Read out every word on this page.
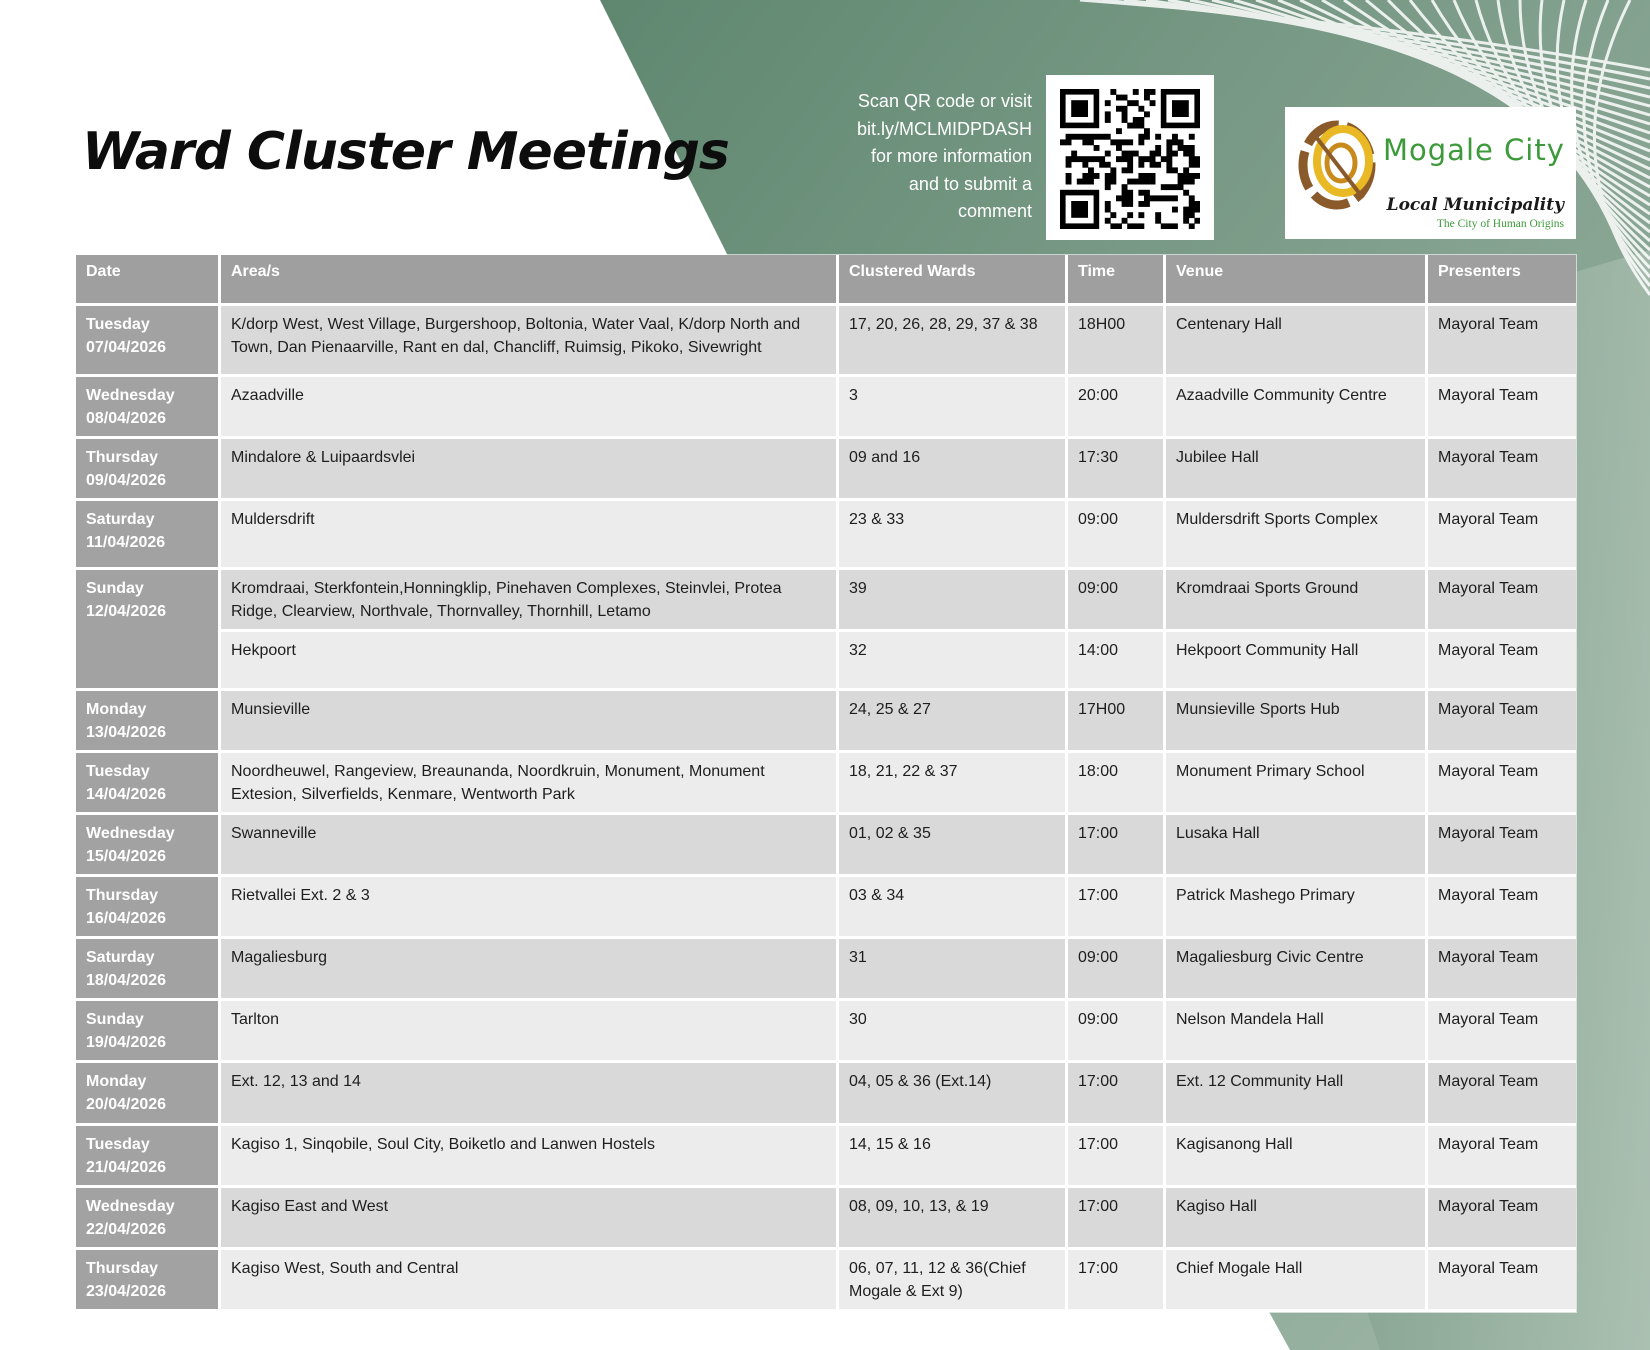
Ward Cluster Meetings
Scan QR code or visit
bit.ly/MCLMIDPDASH
for more information
and to submit a
comment
Mogale City
Local Municipality
The City of Human Origins
Date	Area/s	Clustered Wards	Time	Venue	Presenters

Tuesday
07/04/2026	K/dorp West, West Village, Burgershoop, Boltonia, Water Vaal, K/dorp North and Town, Dan Pienaarville, Rant en dal, Chancliff, Ruimsig, Pikoko, Sivewright	17, 20, 26, 28, 29, 37 & 38	18H00	Centenary Hall	Mayoral Team

Wednesday
08/04/2026	Azaadville	3	20:00	Azaadville Community Centre	Mayoral Team

Thursday
09/04/2026	Mindalore & Luipaardsvlei	09 and 16	17:30	Jubilee Hall	Mayoral Team

Saturday
11/04/2026	Muldersdrift	23 & 33	09:00	Muldersdrift Sports Complex	Mayoral Team

Sunday
12/04/2026	Kromdraai, Sterkfontein,Honningklip, Pinehaven Complexes, Steinvlei, Protea Ridge, Clearview, Northvale, Thornvalley, Thornhill, Letamo	39	09:00	Kromdraai Sports Ground	Mayoral Team
	Hekpoort	32	14:00	Hekpoort Community Hall	Mayoral Team

Monday
13/04/2026	Munsieville	24, 25 & 27	17H00	Munsieville Sports Hub	Mayoral Team

Tuesday
14/04/2026	Noordheuwel, Rangeview, Breaunanda, Noordkruin, Monument, Monument Extesion, Silverfields, Kenmare, Wentworth Park	18, 21, 22 & 37	18:00	Monument Primary School	Mayoral Team

Wednesday
15/04/2026	Swanneville	01, 02 & 35	17:00	Lusaka Hall	Mayoral Team

Thursday
16/04/2026	Rietvallei Ext. 2 & 3	03 & 34	17:00	Patrick Mashego Primary	Mayoral Team

Saturday
18/04/2026	Magaliesburg	31	09:00	Magaliesburg Civic Centre	Mayoral Team

Sunday
19/04/2026	Tarlton	30	09:00	Nelson Mandela Hall	Mayoral Team

Monday
20/04/2026	Ext. 12, 13 and 14	04, 05 & 36 (Ext.14)	17:00	Ext. 12 Community Hall	Mayoral Team

Tuesday
21/04/2026	Kagiso 1, Sinqobile, Soul City, Boiketlo and Lanwen Hostels	14, 15 & 16	17:00	Kagisanong Hall	Mayoral Team

Wednesday
22/04/2026	Kagiso East and West	08, 09, 10, 13, & 19	17:00	Kagiso Hall	Mayoral Team

Thursday
23/04/2026	Kagiso West, South and Central	06, 07, 11, 12 & 36(Chief Mogale & Ext 9)	17:00	Chief Mogale Hall	Mayoral Team
